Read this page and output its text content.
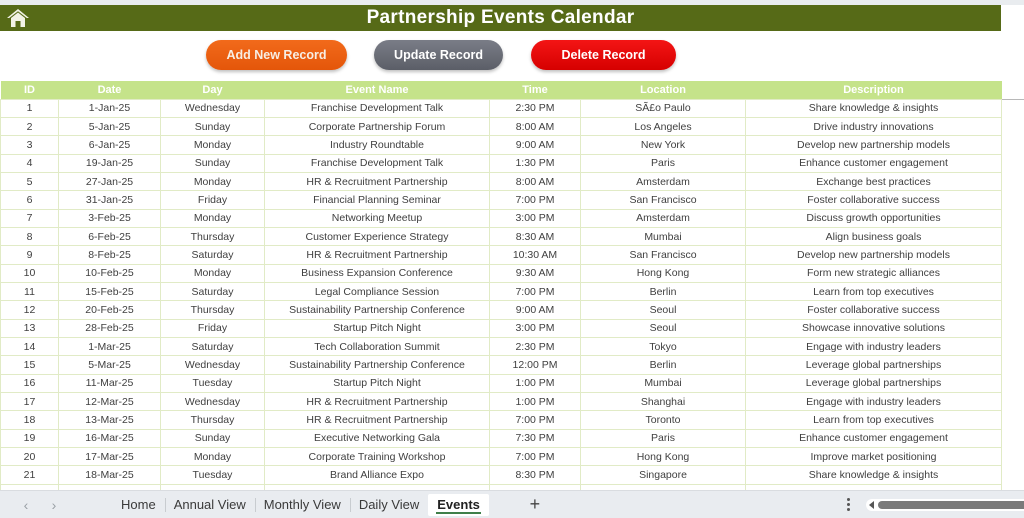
Partnership Events Calendar
Add New Record	Update Record	Delete Record
ID	Date	Day	Event Name	Time	Location	Description
1	1-Jan-25	Wednesday	Franchise Development Talk	2:30 PM	SÃ£o Paulo	Share knowledge & insights
2	5-Jan-25	Sunday	Corporate Partnership Forum	8:00 AM	Los Angeles	Drive industry innovations
3	6-Jan-25	Monday	Industry Roundtable	9:00 AM	New York	Develop new partnership models
4	19-Jan-25	Sunday	Franchise Development Talk	1:30 PM	Paris	Enhance customer engagement
5	27-Jan-25	Monday	HR & Recruitment Partnership	8:00 AM	Amsterdam	Exchange best practices
6	31-Jan-25	Friday	Financial Planning Seminar	7:00 PM	San Francisco	Foster collaborative success
7	3-Feb-25	Monday	Networking Meetup	3:00 PM	Amsterdam	Discuss growth opportunities
8	6-Feb-25	Thursday	Customer Experience Strategy	8:30 AM	Mumbai	Align business goals
9	8-Feb-25	Saturday	HR & Recruitment Partnership	10:30 AM	San Francisco	Develop new partnership models
10	10-Feb-25	Monday	Business Expansion Conference	9:30 AM	Hong Kong	Form new strategic alliances
11	15-Feb-25	Saturday	Legal Compliance Session	7:00 PM	Berlin	Learn from top executives
12	20-Feb-25	Thursday	Sustainability Partnership Conference	9:00 AM	Seoul	Foster collaborative success
13	28-Feb-25	Friday	Startup Pitch Night	3:00 PM	Seoul	Showcase innovative solutions
14	1-Mar-25	Saturday	Tech Collaboration Summit	2:30 PM	Tokyo	Engage with industry leaders
15	5-Mar-25	Wednesday	Sustainability Partnership Conference	12:00 PM	Berlin	Leverage global partnerships
16	11-Mar-25	Tuesday	Startup Pitch Night	1:00 PM	Mumbai	Leverage global partnerships
17	12-Mar-25	Wednesday	HR & Recruitment Partnership	1:00 PM	Shanghai	Engage with industry leaders
18	13-Mar-25	Thursday	HR & Recruitment Partnership	7:00 PM	Toronto	Learn from top executives
19	16-Mar-25	Sunday	Executive Networking Gala	7:30 PM	Paris	Enhance customer engagement
20	17-Mar-25	Monday	Corporate Training Workshop	7:00 PM	Hong Kong	Improve market positioning
21	18-Mar-25	Tuesday	Brand Alliance Expo	8:30 PM	Singapore	Share knowledge & insights

‹	›	Home	Annual View	Monthly View	Daily View	Events	+
